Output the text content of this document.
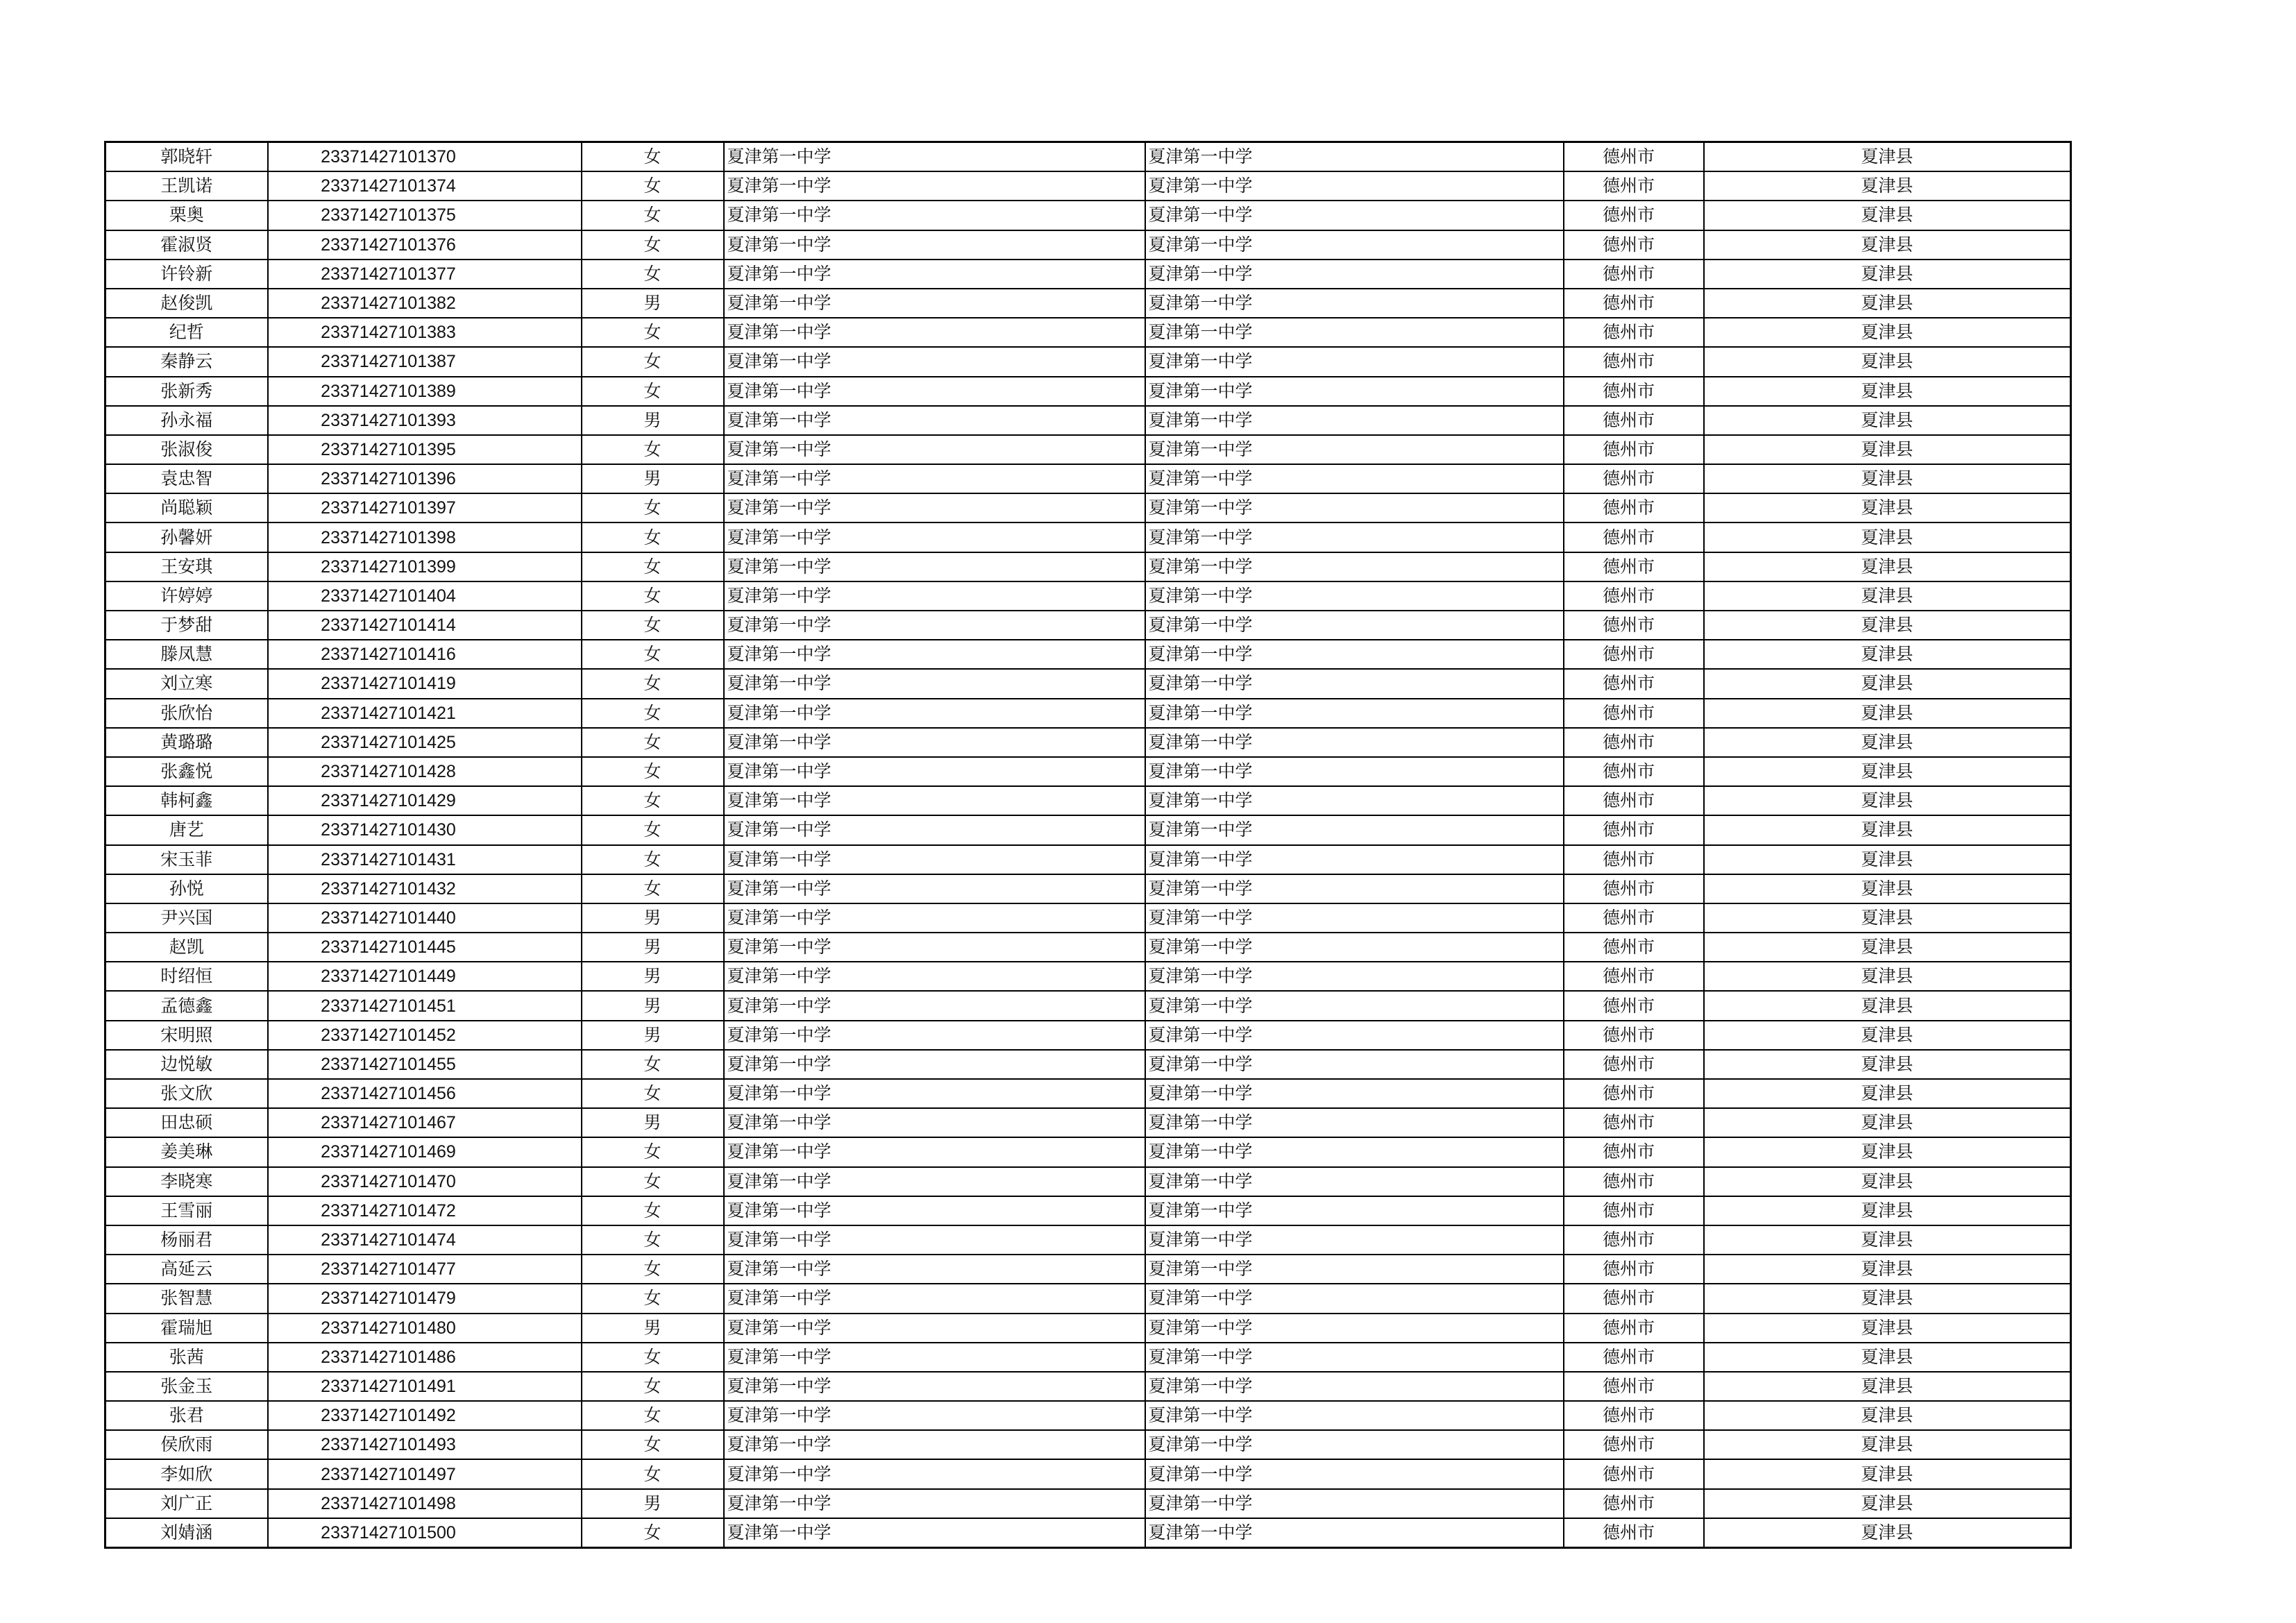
郭晓轩	23371427101370	女	夏津第一中学	夏津第一中学	德州市	夏津县
王凯诺	23371427101374	女	夏津第一中学	夏津第一中学	德州市	夏津县
栗奥	23371427101375	女	夏津第一中学	夏津第一中学	德州市	夏津县
霍淑贤	23371427101376	女	夏津第一中学	夏津第一中学	德州市	夏津县
许铃新	23371427101377	女	夏津第一中学	夏津第一中学	德州市	夏津县
赵俊凯	23371427101382	男	夏津第一中学	夏津第一中学	德州市	夏津县
纪哲	23371427101383	女	夏津第一中学	夏津第一中学	德州市	夏津县
秦静云	23371427101387	女	夏津第一中学	夏津第一中学	德州市	夏津县
张新秀	23371427101389	女	夏津第一中学	夏津第一中学	德州市	夏津县
孙永福	23371427101393	男	夏津第一中学	夏津第一中学	德州市	夏津县
张淑俊	23371427101395	女	夏津第一中学	夏津第一中学	德州市	夏津县
袁忠智	23371427101396	男	夏津第一中学	夏津第一中学	德州市	夏津县
尚聪颖	23371427101397	女	夏津第一中学	夏津第一中学	德州市	夏津县
孙馨妍	23371427101398	女	夏津第一中学	夏津第一中学	德州市	夏津县
王安琪	23371427101399	女	夏津第一中学	夏津第一中学	德州市	夏津县
许婷婷	23371427101404	女	夏津第一中学	夏津第一中学	德州市	夏津县
于梦甜	23371427101414	女	夏津第一中学	夏津第一中学	德州市	夏津县
滕凤慧	23371427101416	女	夏津第一中学	夏津第一中学	德州市	夏津县
刘立寒	23371427101419	女	夏津第一中学	夏津第一中学	德州市	夏津县
张欣怡	23371427101421	女	夏津第一中学	夏津第一中学	德州市	夏津县
黄璐璐	23371427101425	女	夏津第一中学	夏津第一中学	德州市	夏津县
张鑫悦	23371427101428	女	夏津第一中学	夏津第一中学	德州市	夏津县
韩柯鑫	23371427101429	女	夏津第一中学	夏津第一中学	德州市	夏津县
唐艺	23371427101430	女	夏津第一中学	夏津第一中学	德州市	夏津县
宋玉菲	23371427101431	女	夏津第一中学	夏津第一中学	德州市	夏津县
孙悦	23371427101432	女	夏津第一中学	夏津第一中学	德州市	夏津县
尹兴国	23371427101440	男	夏津第一中学	夏津第一中学	德州市	夏津县
赵凯	23371427101445	男	夏津第一中学	夏津第一中学	德州市	夏津县
时绍恒	23371427101449	男	夏津第一中学	夏津第一中学	德州市	夏津县
孟德鑫	23371427101451	男	夏津第一中学	夏津第一中学	德州市	夏津县
宋明照	23371427101452	男	夏津第一中学	夏津第一中学	德州市	夏津县
边悦敏	23371427101455	女	夏津第一中学	夏津第一中学	德州市	夏津县
张文欣	23371427101456	女	夏津第一中学	夏津第一中学	德州市	夏津县
田忠硕	23371427101467	男	夏津第一中学	夏津第一中学	德州市	夏津县
姜美琳	23371427101469	女	夏津第一中学	夏津第一中学	德州市	夏津县
李晓寒	23371427101470	女	夏津第一中学	夏津第一中学	德州市	夏津县
王雪丽	23371427101472	女	夏津第一中学	夏津第一中学	德州市	夏津县
杨丽君	23371427101474	女	夏津第一中学	夏津第一中学	德州市	夏津县
高延云	23371427101477	女	夏津第一中学	夏津第一中学	德州市	夏津县
张智慧	23371427101479	女	夏津第一中学	夏津第一中学	德州市	夏津县
霍瑞旭	23371427101480	男	夏津第一中学	夏津第一中学	德州市	夏津县
张茜	23371427101486	女	夏津第一中学	夏津第一中学	德州市	夏津县
张金玉	23371427101491	女	夏津第一中学	夏津第一中学	德州市	夏津县
张君	23371427101492	女	夏津第一中学	夏津第一中学	德州市	夏津县
侯欣雨	23371427101493	女	夏津第一中学	夏津第一中学	德州市	夏津县
李如欣	23371427101497	女	夏津第一中学	夏津第一中学	德州市	夏津县
刘广正	23371427101498	男	夏津第一中学	夏津第一中学	德州市	夏津县
刘婧涵	23371427101500	女	夏津第一中学	夏津第一中学	德州市	夏津县
